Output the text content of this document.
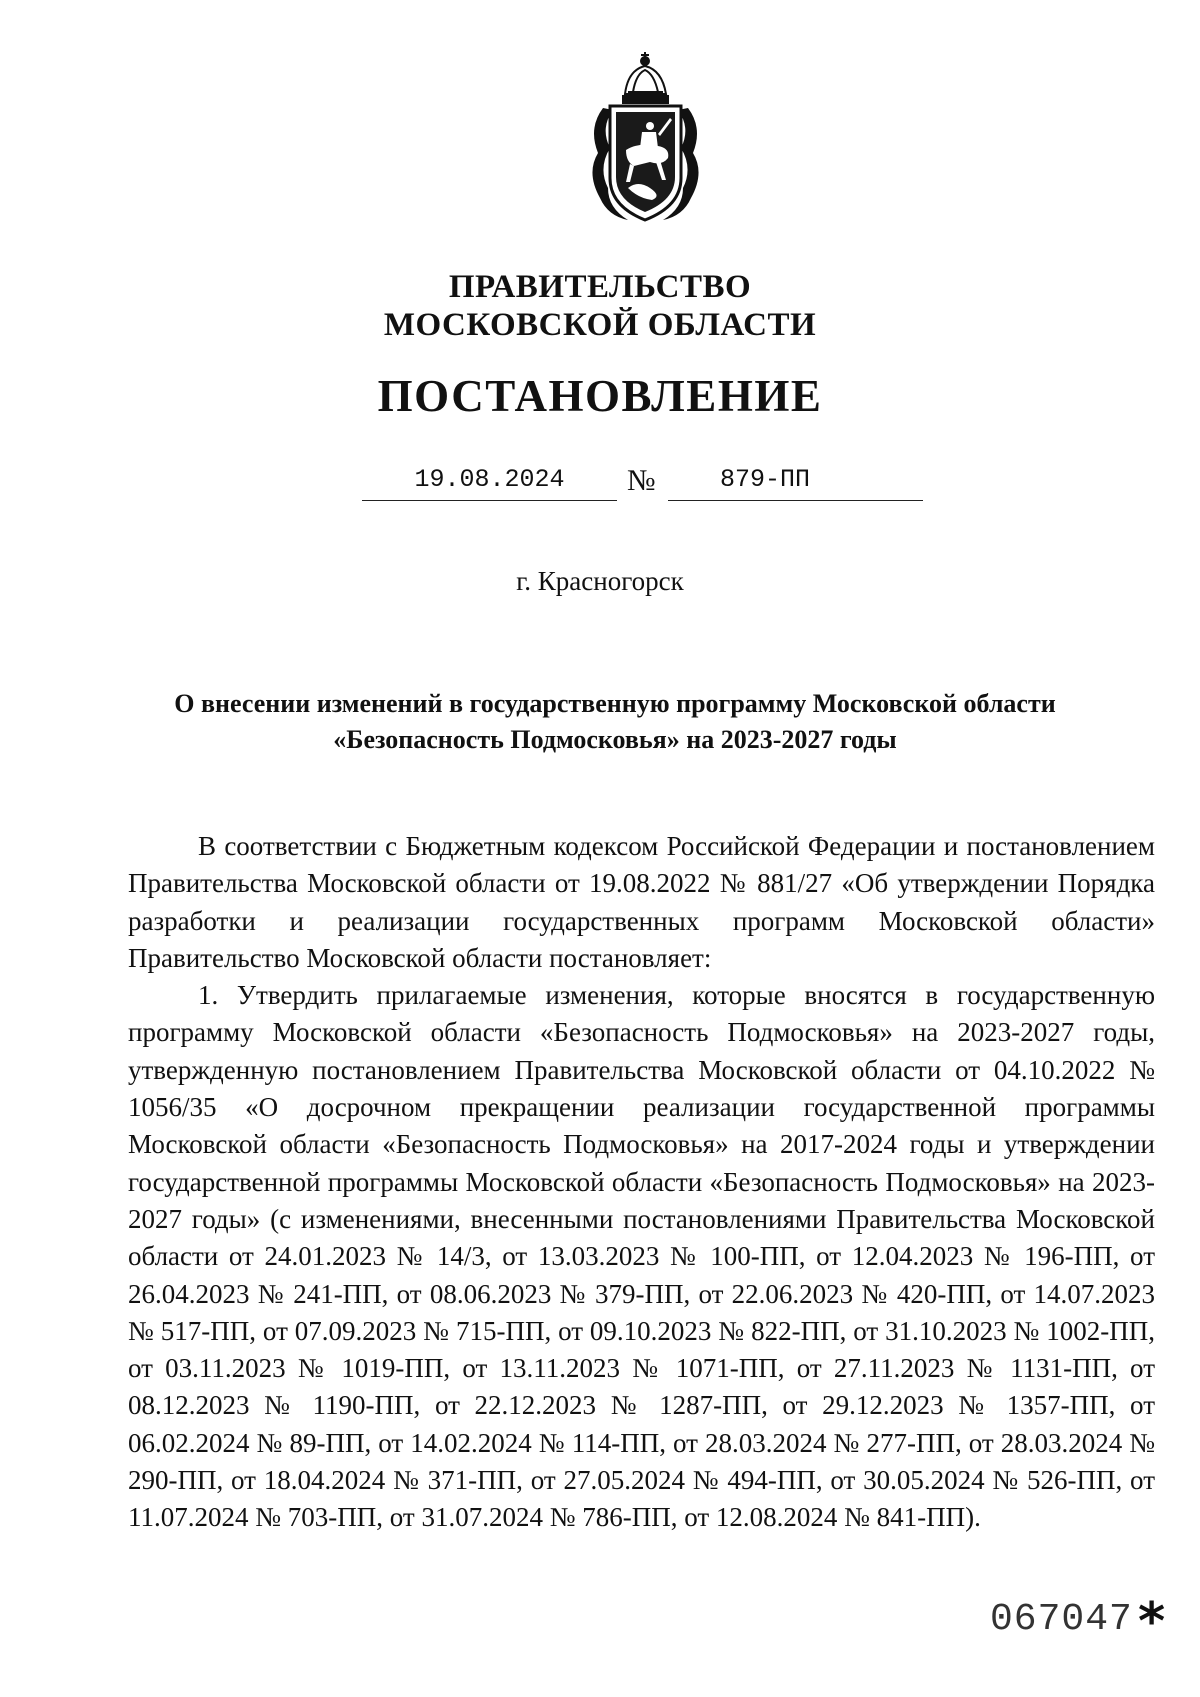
ПРАВИТЕЛЬСТВО
МОСКОВСКОЙ ОБЛАСТИ
ПОСТАНОВЛЕНИЕ
19.08.2024	№	879-ПП
г. Красногорск
О внесении изменений в государственную программу Московской области
«Безопасность Подмосковья» на 2023-2027 годы

В соответствии с Бюджетным кодексом Российской Федерации и постановлением Правительства Московской области от 19.08.2022 № 881/27 «Об утверждении Порядка разработки и реализации государственных программ Московской области» Правительство Московской области постановляет:

1. Утвердить прилагаемые изменения, которые вносятся в государственную программу Московской области «Безопасность Подмосковья» на 2023-2027 годы, утвержденную постановлением Правительства Московской области от 04.10.2022 № 1056/35 «О досрочном прекращении реализации государственной программы Московской области «Безопасность Подмосковья» на 2017-2024 годы и утверждении государственной программы Московской области «Безопасность Подмосковья» на 2023-2027 годы» (с изменениями, внесенными постановлениями Правительства Московской области от 24.01.2023 № 14/3, от 13.03.2023 № 100-ПП, от 12.04.2023 № 196-ПП, от 26.04.2023 № 241-ПП, от 08.06.2023 № 379-ПП, от 22.06.2023 № 420-ПП, от 14.07.2023 № 517-ПП, от 07.09.2023 № 715-ПП, от 09.10.2023 № 822-ПП, от 31.10.2023 № 1002-ПП, от 03.11.2023 № 1019-ПП, от 13.11.2023 № 1071-ПП, от 27.11.2023 № 1131-ПП, от 08.12.2023 № 1190-ПП, от 22.12.2023 № 1287-ПП, от 29.12.2023 № 1357-ПП, от 06.02.2024 № 89-ПП, от 14.02.2024 № 114-ПП, от 28.03.2024 № 277-ПП, от 28.03.2024 № 290-ПП, от 18.04.2024 № 371-ПП, от 27.05.2024 № 494-ПП, от 30.05.2024 № 526-ПП, от 11.07.2024 № 703-ПП, от 31.07.2024 № 786-ПП, от 12.08.2024 № 841-ПП).

067047 *
